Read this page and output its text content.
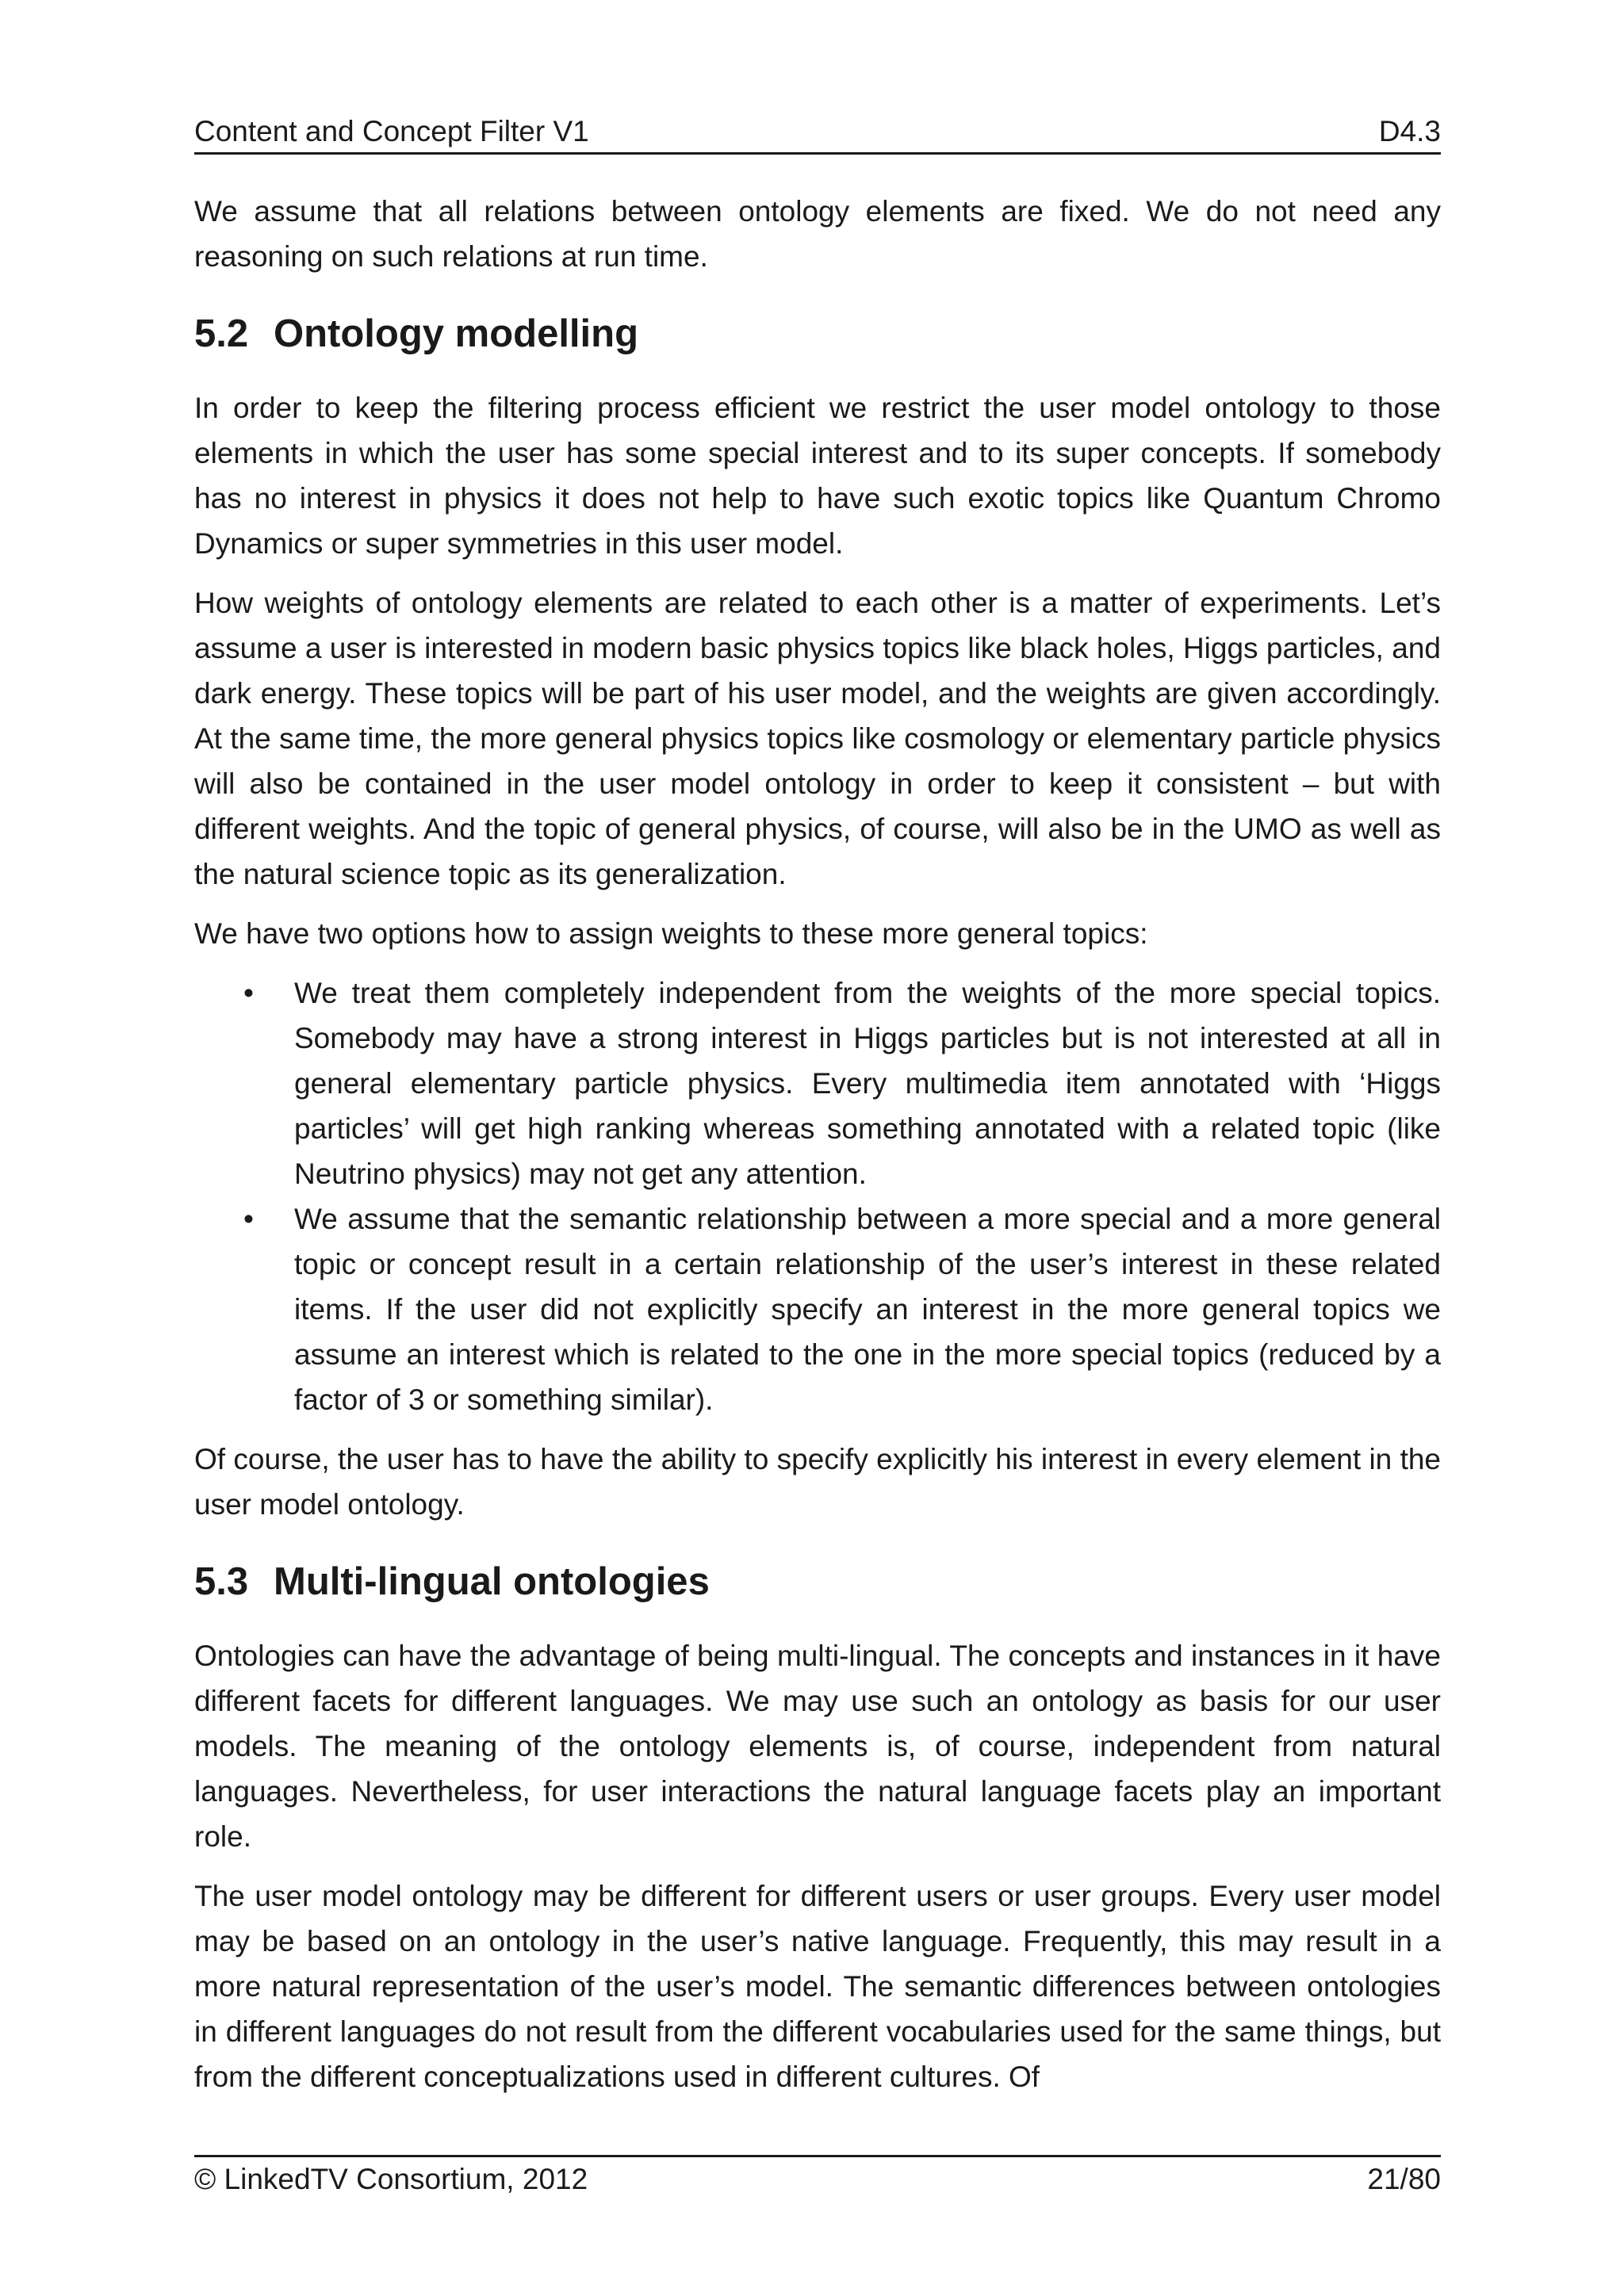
Content and Concept Filter V1	D4.3

We assume that all relations between ontology elements are fixed. We do not need any reasoning on such relations at run time.

5.2 Ontology modelling

In order to keep the filtering process efficient we restrict the user model ontology to those elements in which the user has some special interest and to its super concepts. If somebody has no interest in physics it does not help to have such exotic topics like Quantum Chromo Dynamics or super symmetries in this user model.

How weights of ontology elements are related to each other is a matter of experiments. Let’s assume a user is interested in modern basic physics topics like black holes, Higgs particles, and dark energy. These topics will be part of his user model, and the weights are given accordingly. At the same time, the more general physics topics like cosmology or elementary particle physics will also be contained in the user model ontology in order to keep it consistent – but with different weights. And the topic of general physics, of course, will also be in the UMO as well as the natural science topic as its generalization.

We have two options how to assign weights to these more general topics:

• We treat them completely independent from the weights of the more special topics. Somebody may have a strong interest in Higgs particles but is not interested at all in general elementary particle physics. Every multimedia item annotated with ‘Higgs particles’ will get high ranking whereas something annotated with a related topic (like Neutrino physics) may not get any attention.
• We assume that the semantic relationship between a more special and a more general topic or concept result in a certain relationship of the user’s interest in these related items. If the user did not explicitly specify an interest in the more general topics we assume an interest which is related to the one in the more special topics (reduced by a factor of 3 or something similar).

Of course, the user has to have the ability to specify explicitly his interest in every element in the user model ontology.

5.3 Multi-lingual ontologies

Ontologies can have the advantage of being multi-lingual. The concepts and instances in it have different facets for different languages. We may use such an ontology as basis for our user models. The meaning of the ontology elements is, of course, independent from natural languages. Nevertheless, for user interactions the natural language facets play an important role.

The user model ontology may be different for different users or user groups. Every user model may be based on an ontology in the user’s native language. Frequently, this may result in a more natural representation of the user’s model. The semantic differences between ontologies in different languages do not result from the different vocabularies used for the same things, but from the different conceptualizations used in different cultures. Of

© LinkedTV Consortium, 2012	21/80
